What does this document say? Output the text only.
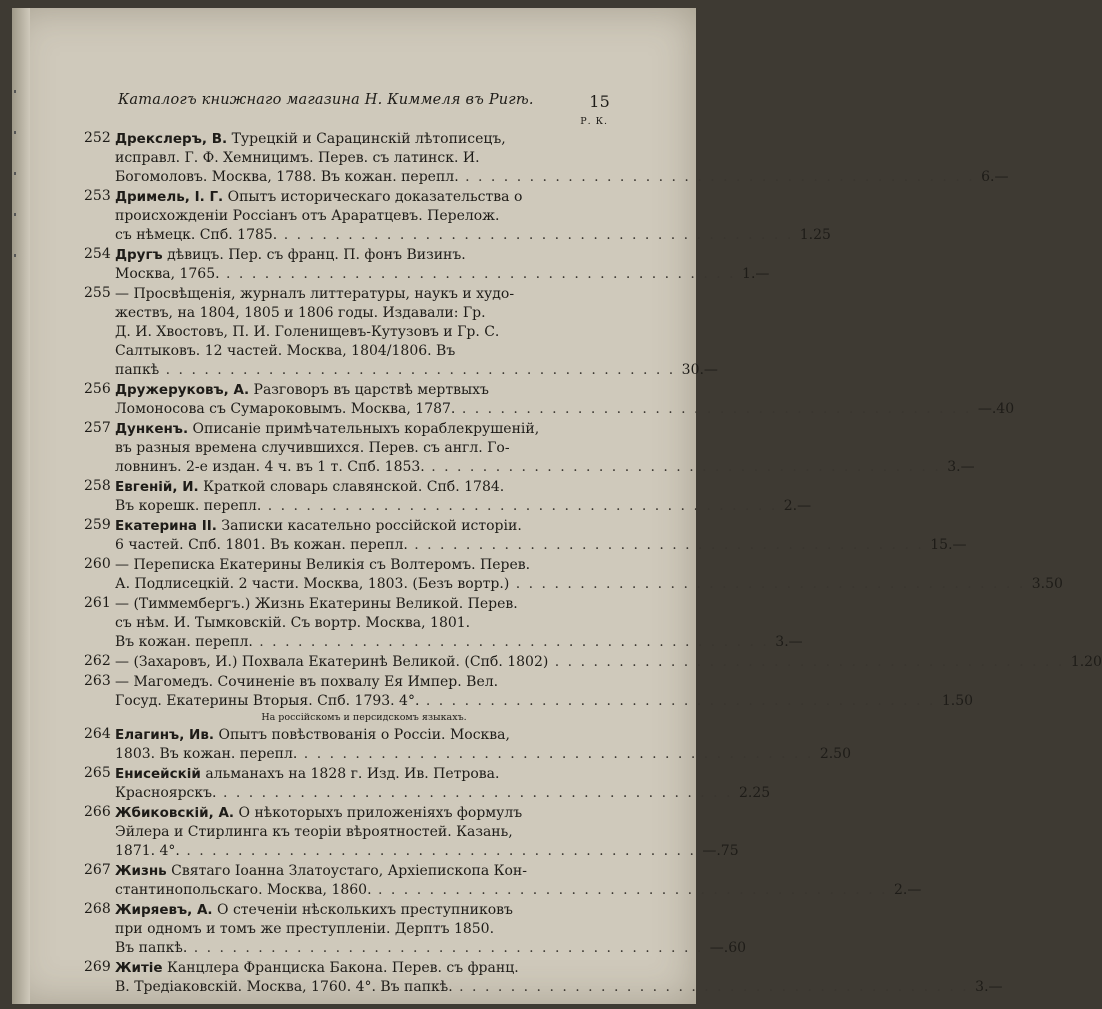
Каталогъ книжнаго магазина Н. Киммеля въ Ригѣ.	15
Р. К.
252 Дрекслеръ, В. Турецкій и Сарацинскій лѣтописецъ,
исправл. Г. Ф. Хемницимъ. Перев. съ латинск. И.
Богомоловъ. Москва, 1788. Въ кожан. перепл. . . . . . . . . . . . . . . . . . . . . . . . . . . . . . . . . . . . . . . . . 6.—
253 Дримель, І. Г. Опытъ историческаго доказательства о
происхожденіи Россіанъ отъ Араратцевъ. Перелож.
съ нѣмецк. Спб. 1785. . . . . . . . . . . . . . . . . . . . . . . . . . . . . . . . . . . . . . . . . 1.25
254 Другъ дѣвицъ. Пер. съ франц. П. фонъ Визинъ.
Москва, 1765. . . . . . . . . . . . . . . . . . . . . . . . . . . . . . . . . . . . . . . . . 1.—
255 — Просвѣщенія, журналъ литтературы, наукъ и худо-
жествъ, на 1804, 1805 и 1806 годы. Издавали: Гр.
Д. И. Хвостовъ, П. И. Голенищевъ-Кутузовъ и Гр. С.
Салтыковъ. 12 частей. Москва, 1804/1806. Въ
папкѣ . . . . . . . . . . . . . . . . . . . . . . . . . . . . . . . . . . . . . . . . 30.—
256 Дружеруковъ, А. Разговоръ въ царствѣ мертвыхъ
Ломоносова съ Сумароковымъ. Москва, 1787. . . . . . . . . . . . . . . . . . . . . . . . . . . . . . . . . . . . . . . . . —.40
257 Дункенъ. Описаніе примѣчательныхъ кораблекрушеній,
въ разныя времена случившихся. Перев. съ англ. Го-
ловнинъ. 2-е издан. 4 ч. въ 1 т. Спб. 1853. . . . . . . . . . . . . . . . . . . . . . . . . . . . . . . . . . . . . . . . . 3.—
258 Евгеній, И. Краткой словарь славянской. Спб. 1784.
Въ корешк. перепл. . . . . . . . . . . . . . . . . . . . . . . . . . . . . . . . . . . . . . . . . 2.—
259 Екатерина II. Записки касательно россійской исторіи.
6 частей. Спб. 1801. Въ кожан. перепл. . . . . . . . . . . . . . . . . . . . . . . . . . . . . . . . . . . . . . . . . 15.—
260 — Переписка Екатерины Великія съ Волтеромъ. Перев.
А. Подлисецкій. 2 части. Москва, 1803. (Безъ вортр.) . . . . . . . . . . . . . . . . . . . . . . . . . . . . . . . . . . . . . . . . 3.50
261 — (Тиммембергъ.) Жизнь Екатерины Великой. Перев.
съ нѣм. И. Тымковскій. Съ вортр. Москва, 1801.
Въ кожан. перепл. . . . . . . . . . . . . . . . . . . . . . . . . . . . . . . . . . . . . . . . . 3.—
262 — (Захаровъ, И.) Похвала Екатеринѣ Великой. (Спб. 1802) . . . . . . . . . . . . . . . . . . . . . . . . . . . . . . . . . . . . . . . . 1.20
263 — Магомедъ. Сочиненіе въ похвалу Ея Импер. Вел.
Госуд. Екатерины Вторыя. Спб. 1793. 4°. . . . . . . . . . . . . . . . . . . . . . . . . . . . . . . . . . . . . . . . . 1.50
На россійскомъ и персидскомъ языкахъ.
264 Елагинъ, Ив. Опытъ повѣствованія о Россіи. Москва,
1803. Въ кожан. перепл. . . . . . . . . . . . . . . . . . . . . . . . . . . . . . . . . . . . . . . . . 2.50
265 Енисейскій альманахъ на 1828 г. Изд. Ив. Петрова.
Красноярскъ. . . . . . . . . . . . . . . . . . . . . . . . . . . . . . . . . . . . . . . . . 2.25
266 Жбиковскій, А. О нѣкоторыхъ приложеніяхъ формулъ
Эйлера и Стирлинга къ теоріи вѣроятностей. Казань,
1871. 4°. . . . . . . . . . . . . . . . . . . . . . . . . . . . . . . . . . . . . . . . . —.75
267 Жизнь Святаго Іоанна Златоустаго, Архіепископа Кон-
стантинопольскаго. Москва, 1860. . . . . . . . . . . . . . . . . . . . . . . . . . . . . . . . . . . . . . . . . 2.—
268 Жиряевъ, А. О стеченіи нѣсколькихъ преступниковъ
при одномъ и томъ же преступленіи. Дерптъ 1850.
Въ папкѣ. . . . . . . . . . . . . . . . . . . . . . . . . . . . . . . . . . . . . . . . . —.60
269 Житіе Канцлера Франциска Бакона. Перев. съ франц.
В. Тредіаковскій. Москва, 1760. 4°. Въ папкѣ. . . . . . . . . . . . . . . . . . . . . . . . . . . . . . . . . . . . . . . . . 3.—
